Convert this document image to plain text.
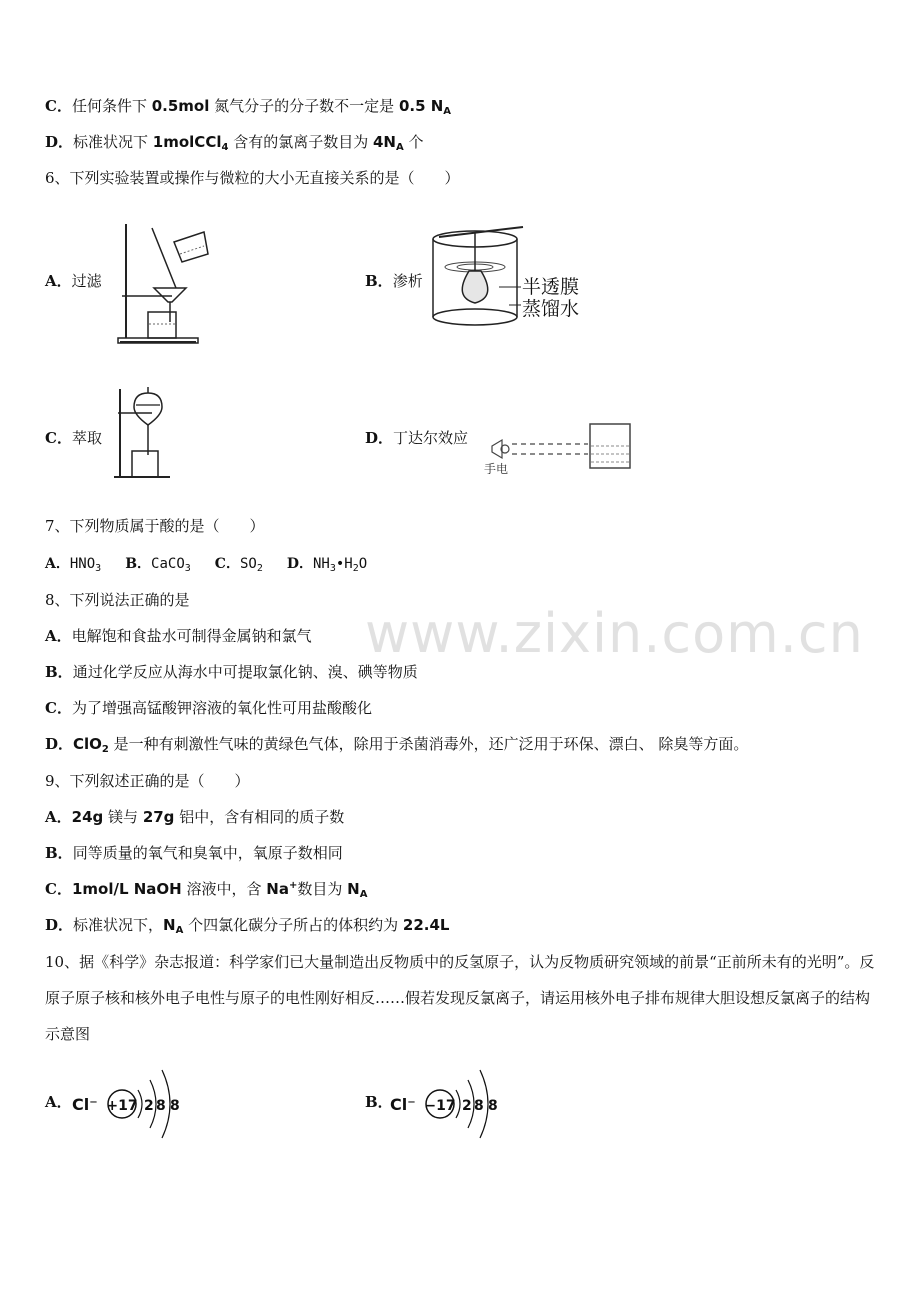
C．任何条件下 0.5mol 氮气分子的分子数不一定是 0.5 $N_A$
D．标准状况下 1molCCl$_4$ 含有的氯离子数目为 $4N_A$ 个
6、下列实验装置或操作与微粒的大小无直接关系的是（　　）
A．过滤	B．渗析	半透膜
蒸馏水
C．萃取	D．丁达尔效应
手电
7、下列物质属于酸的是（　　）
A．$HNO_3$ B．CaCO$_3$ C．$SO_2$ D．$NH_3•H_2O$
8、下列说法正确的是
A．电解饱和食盐水可制得金属钠和氯气
B．通过化学反应从海水中可提取氯化钠、溴、碘等物质
C．为了增强高锰酸钾溶液的氧化性可用盐酸酸化
D．ClO$_2$ 是一种有刺激性气味的黄绿色气体，除用于杀菌消毒外，还广泛用于环保、漂白、 除臭等方面。
9、下列叙述正确的是（　　）
A．24g 镁与 27g 铝中，含有相同的质子数
B．同等质量的氧气和臭氧中，氧原子数相同
C．1mol/L NaOH 溶液中，含 Na+数目为 $N_A$
D．标准状况下，$N_A$ 个四氯化碳分子所占的体积约为 22.4L
10、据《科学》杂志报道：科学家们已大量制造出反物质中的反氢原子，认为反物质研究领域的前景“正前所未有的光明”。反原子原子核和核外电子电性与原子的电性刚好相反……假若发现反氯离子，请运用核外电子排布规律大胆设想反氯离子的结构示意图
A． Cl⁻ +17 2 8 8	B．
Cl⁻ −17 2 8 8
www.zixin.com.cn
